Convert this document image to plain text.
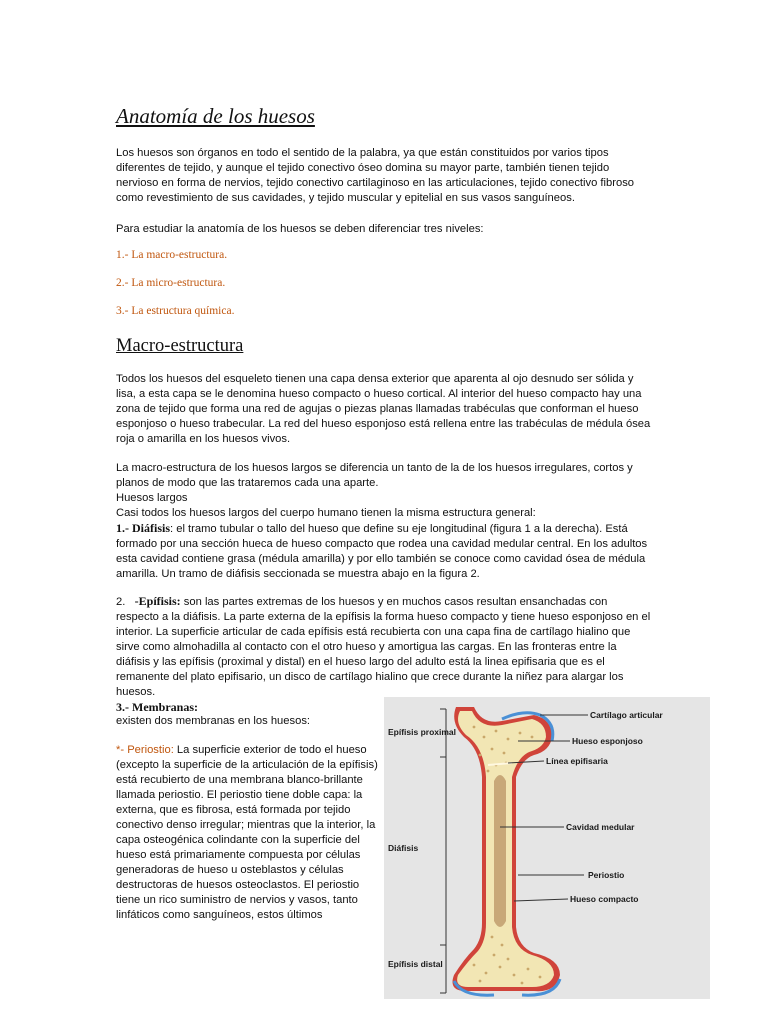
Anatomía de los huesos

Los huesos son órganos en todo el sentido de la palabra, ya que están constituidos por varios tipos diferentes de tejido, y aunque el tejido conectivo óseo domina su mayor parte, también tienen tejido nervioso en forma de nervios, tejido conectivo cartilaginoso en las articulaciones, tejido conectivo fibroso como revestimiento de sus cavidades, y tejido muscular y epitelial en sus vasos sanguíneos.

Para estudiar la anatomía de los huesos se deben diferenciar tres niveles:

1.- La macro-estructura.

2.- La micro-estructura.

3.- La estructura química.

Macro-estructura

Todos los huesos del esqueleto tienen una capa densa exterior que aparenta al ojo desnudo ser sólida y lisa, a esta capa se le denomina hueso compacto o hueso cortical. Al interior del hueso compacto hay una zona de tejido que forma una red de agujas o piezas planas llamadas trabéculas que conforman el hueso esponjoso o hueso trabecular. La red del hueso esponjoso está rellena entre las trabéculas de médula ósea roja o amarilla en los huesos vivos.

La macro-estructura de los huesos largos se diferencia un tanto de la de los huesos irregulares, cortos y planos de modo que las trataremos cada una aparte.
Huesos largos
Casi todos los huesos largos del cuerpo humano tienen la misma estructura general:
1.- Diáfisis: el tramo tubular o tallo del hueso que define su eje longitudinal (figura 1 a la derecha). Está formado por una sección hueca de hueso compacto que rodea una cavidad medular central. En los adultos esta cavidad contiene grasa (médula amarilla) y por ello también se conoce como cavidad ósea de médula amarilla. Un tramo de diáfisis seccionada se muestra abajo en la figura 2.

2. -Epífisis: son las partes extremas de los huesos y en muchos casos resultan ensanchadas con respecto a la diáfisis. La parte externa de la epífisis la forma hueso compacto y tiene hueso esponjoso en el interior. La superficie articular de cada epífisis está recubierta con una capa fina de cartílago hialino que sirve como almohadilla al contacto con el otro hueso y amortigua las cargas. En las fronteras entre la diáfisis y las epífisis (proximal y distal) en el hueso largo del adulto está la linea epifisaria que es el remanente del plato epifisario, un disco de cartílago hialino que crece durante la niñez para alargar los huesos.
3.- Membranas:

existen dos membranas en los huesos:

*- Periostio: La superficie exterior de todo el hueso (excepto la superficie de la articulación de la epífisis) está recubierto de una membrana blanco-brillante llamada periostio. El periostio tiene doble capa: la externa, que es fibrosa, está formada por tejido conectivo denso irregular; mientras que la interior, la capa osteogénica colindante con la superficie del hueso está primariamente compuesta por células generadoras de hueso u osteblastos y células destructoras de huesos osteoclastos. El periostio tiene un rico suministro de nervios y vasos, tanto linfáticos como sanguíneos, estos últimos

Epífisis proximal
Diáfisis
Epífisis distal
Cartílago articular
Hueso esponjoso
Línea epifisaria
Cavidad medular
Periostio
Hueso compacto
